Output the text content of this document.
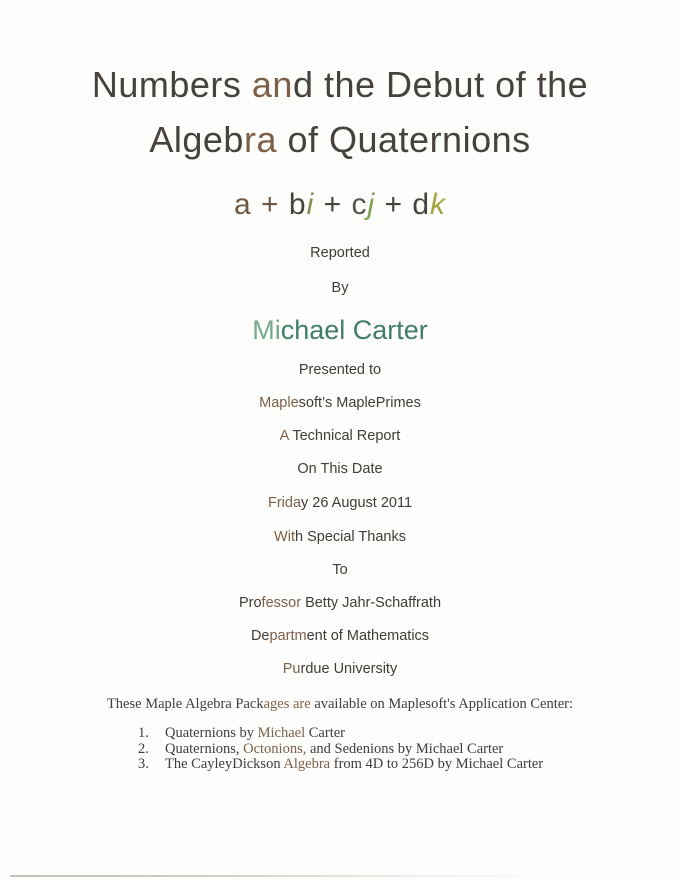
Numbers and the Debut of the
Algebra of Quaternions
a + bi + cj + dk
Reported
By
Michael Carter
Presented to
Maplesoft’s MaplePrimes
A Technical Report
On This Date
Friday 26 August 2011
With Special Thanks
To
Professor Betty Jahr-Schaffrath
Department of Mathematics
Purdue University
These Maple Algebra Packages are available on Maplesoft's Application Center:
1. Quaternions by Michael Carter
2. Quaternions, Octonions, and Sedenions by Michael Carter
3. The CayleyDickson Algebra from 4D to 256D by Michael Carter
